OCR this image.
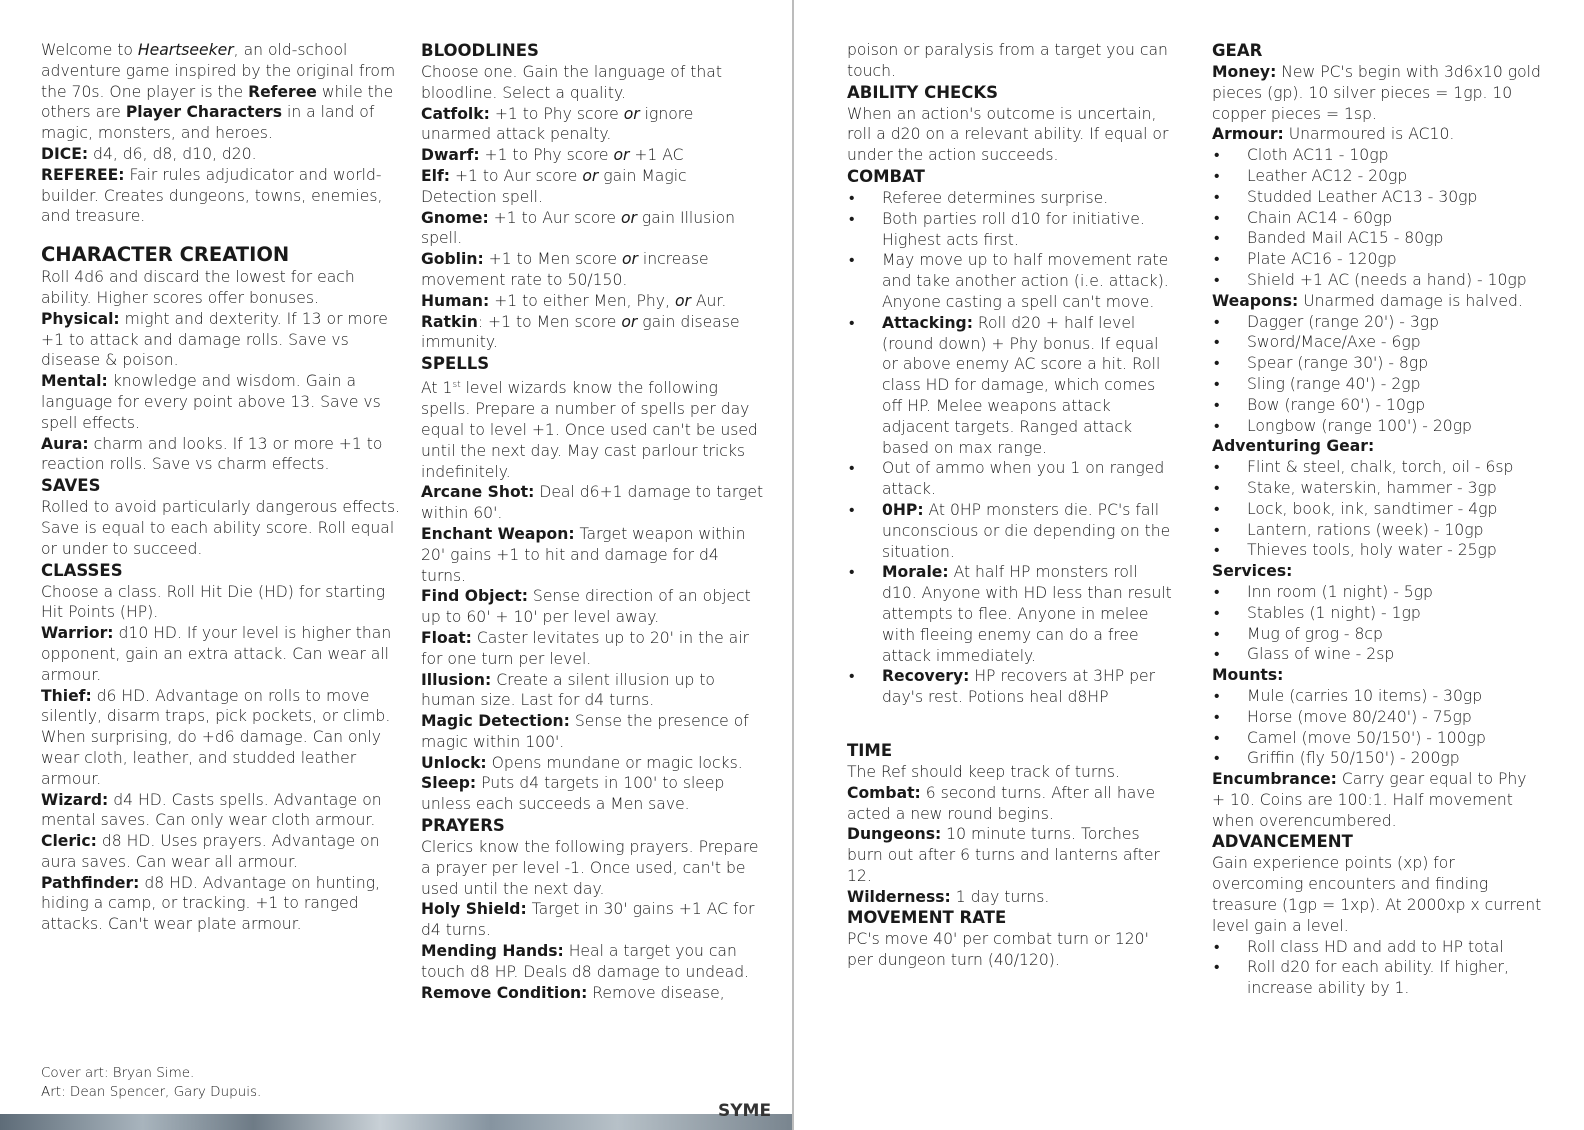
Welcome to Heartseeker, an old-school adventure game inspired by the original from the 70s. One player is the Referee while the others are Player Characters in a land of magic, monsters, and heroes.

DICE: d4, d6, d8, d10, d20.

REFEREE: Fair rules adjudicator and world-builder. Creates dungeons, towns, enemies, and treasure.

CHARACTER CREATION

Roll 4d6 and discard the lowest for each ability. Higher scores offer bonuses.

Physical: might and dexterity. If 13 or more +1 to attack and damage rolls. Save vs disease & poison.

Mental: knowledge and wisdom. Gain a language for every point above 13. Save vs spell effects.

Aura: charm and looks. If 13 or more +1 to reaction rolls. Save vs charm effects.

SAVES

Rolled to avoid particularly dangerous effects. Save is equal to each ability score. Roll equal or under to succeed.

CLASSES

Choose a class. Roll Hit Die (HD) for starting Hit Points (HP).

Warrior: d10 HD. If your level is higher than opponent, gain an extra attack. Can wear all armour.

Thief: d6 HD. Advantage on rolls to move silently, disarm traps, pick pockets, or climb. When surprising, do +d6 damage. Can only wear cloth, leather, and studded leather armour.

Wizard: d4 HD. Casts spells. Advantage on mental saves. Can only wear cloth armour.

Cleric: d8 HD. Uses prayers. Advantage on aura saves. Can wear all armour.

Pathfinder: d8 HD. Advantage on hunting, hiding a camp, or tracking. +1 to ranged attacks. Can't wear plate armour.

Cover art: Bryan Sime.
Art: Dean Spencer, Gary Dupuis.
SYME

BLOODLINES

Choose one. Gain the language of that bloodline. Select a quality.

Catfolk: +1 to Phy score or ignore unarmed attack penalty.

Dwarf: +1 to Phy score or +1 AC

Elf: +1 to Aur score or gain Magic Detection spell.

Gnome: +1 to Aur score or gain Illusion spell.

Goblin: +1 to Men score or increase movement rate to 50/150.

Human: +1 to either Men, Phy, or Aur.

Ratkin: +1 to Men score or gain disease immunity.

SPELLS

At 1st level wizards know the following spells. Prepare a number of spells per day equal to level +1. Once used can't be used until the next day. May cast parlour tricks indefinitely.

Arcane Shot: Deal d6+1 damage to target within 60'.

Enchant Weapon: Target weapon within 20' gains +1 to hit and damage for d4 turns.

Find Object: Sense direction of an object up to 60' + 10' per level away.

Float: Caster levitates up to 20' in the air for one turn per level.

Illusion: Create a silent illusion up to human size. Last for d4 turns.

Magic Detection: Sense the presence of magic within 100'.

Unlock: Opens mundane or magic locks.

Sleep: Puts d4 targets in 100' to sleep unless each succeeds a Men save.

PRAYERS

Clerics know the following prayers. Prepare a prayer per level -1. Once used, can't be used until the next day.

Holy Shield: Target in 30' gains +1 AC for d4 turns.

Mending Hands: Heal a target you can touch d8 HP. Deals d8 damage to undead.

Remove Condition: Remove disease,

poison or paralysis from a target you can touch.

ABILITY CHECKS

When an action's outcome is uncertain, roll a d20 on a relevant ability. If equal or under the action succeeds.

COMBAT

• Referee determines surprise.
• Both parties roll d10 for initiative. Highest acts first.
• May move up to half movement rate and take another action (i.e. attack). Anyone casting a spell can't move.
• Attacking: Roll d20 + half level (round down) + Phy bonus. If equal or above enemy AC score a hit. Roll class HD for damage, which comes off HP. Melee weapons attack adjacent targets. Ranged attack based on max range.
• Out of ammo when you 1 on ranged attack.
• 0HP: At 0HP monsters die. PC's fall unconscious or die depending on the situation.
• Morale: At half HP monsters roll d10. Anyone with HD less than result attempts to flee. Anyone in melee with fleeing enemy can do a free attack immediately.
• Recovery: HP recovers at 3HP per day's rest. Potions heal d8HP

TIME

The Ref should keep track of turns.

Combat: 6 second turns. After all have acted a new round begins.

Dungeons: 10 minute turns. Torches burn out after 6 turns and lanterns after 12.

Wilderness: 1 day turns.

MOVEMENT RATE

PC's move 40' per combat turn or 120' per dungeon turn (40/120).

GEAR

Money: New PC's begin with 3d6x10 gold pieces (gp). 10 silver pieces = 1gp. 10 copper pieces = 1sp.

Armour: Unarmoured is AC10.

• Cloth AC11 - 10gp
• Leather AC12 - 20gp
• Studded Leather AC13 - 30gp
• Chain AC14 - 60gp
• Banded Mail AC15 - 80gp
• Plate AC16 - 120gp
• Shield +1 AC (needs a hand) - 10gp

Weapons: Unarmed damage is halved.

• Dagger (range 20') - 3gp
• Sword/Mace/Axe - 6gp
• Spear (range 30') - 8gp
• Sling (range 40') - 2gp
• Bow (range 60') - 10gp
• Longbow (range 100') - 20gp

Adventuring Gear:

• Flint & steel, chalk, torch, oil - 6sp
• Stake, waterskin, hammer - 3gp
• Lock, book, ink, sandtimer - 4gp
• Lantern, rations (week) - 10gp
• Thieves tools, holy water - 25gp

Services:

• Inn room (1 night) - 5gp
• Stables (1 night) - 1gp
• Mug of grog - 8cp
• Glass of wine - 2sp

Mounts:

• Mule (carries 10 items) - 30gp
• Horse (move 80/240') - 75gp
• Camel (move 50/150') - 100gp
• Griffin (fly 50/150') - 200gp

Encumbrance: Carry gear equal to Phy + 10. Coins are 100:1. Half movement when overencumbered.

ADVANCEMENT

Gain experience points (xp) for overcoming encounters and finding treasure (1gp = 1xp). At 2000xp x current level gain a level.

• Roll class HD and add to HP total
• Roll d20 for each ability. If higher, increase ability by 1.
